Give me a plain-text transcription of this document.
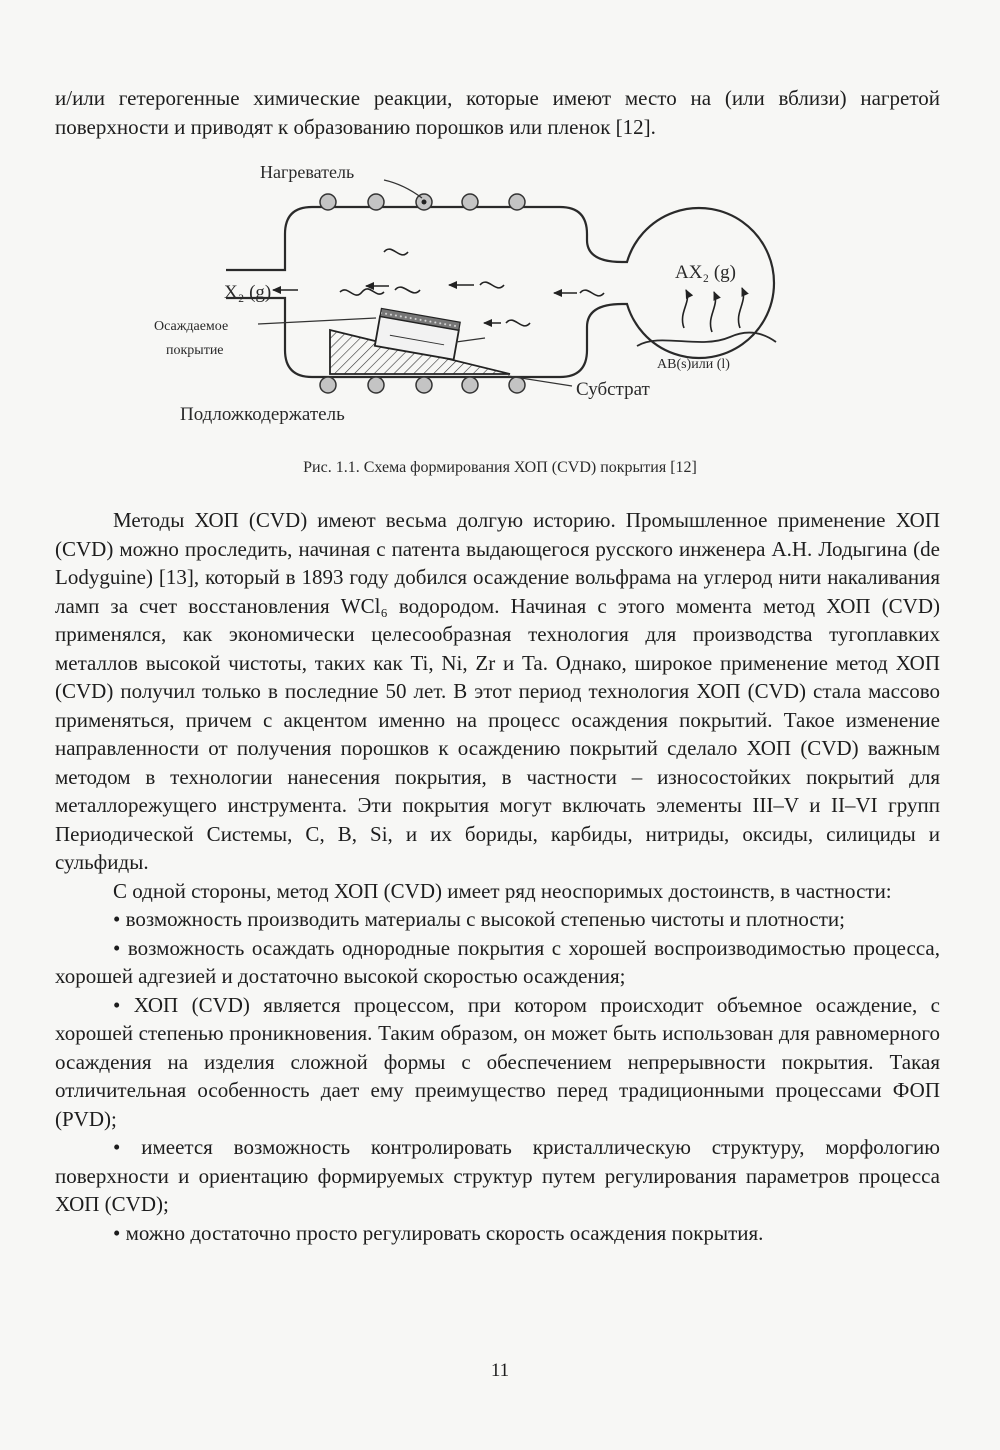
и/или гетерогенные химические реакции, которые имеют место на (или вблизи) нагретой поверхности и приводят к образованию порошков или пленок [12].

Нагреватель
X₂ (g)
AX₂ (g)
Осаждаемое
покрытие
AB(s)или (l)
Субстрат
Подложкодержатель
Рис. 1.1. Схема формирования ХОП (CVD) покрытия [12]

Методы ХОП (CVD) имеют весьма долгую историю. Промышленное применение ХОП (CVD) можно проследить, начиная с патента выдающегося русского инженера А.Н. Лодыгина (de Lodyguine) [13], который в 1893 году добился осаждение вольфрама на углерод нити накаливания ламп за счет восстановления WCl₆ водородом. Начиная с этого момента метод ХОП (CVD) применялся, как экономически целесообразная технология для производства тугоплавких металлов высокой чистоты, таких как Ti, Ni, Zr и Ta. Однако, широкое применение метод ХОП (CVD) получил только в последние 50 лет. В этот период технология ХОП (CVD) стала массово применяться, причем с акцентом именно на процесс осаждения покрытий. Такое изменение направленности от получения порошков к осаждению покрытий сделало ХОП (CVD) важным методом в технологии нанесения покрытия, в частности – износостойких покрытий для металлорежущего инструмента. Эти покрытия могут включать элементы III–V и II–VI групп Периодической Системы, C, B, Si, и их бориды, карбиды, нитриды, оксиды, силициды и сульфиды.

С одной стороны, метод ХОП (CVD) имеет ряд неоспоримых достоинств, в частности:

• возможность производить материалы с высокой степенью чистоты и плотности;

• возможность осаждать однородные покрытия с хорошей воспроизводимостью процесса, хорошей адгезией и достаточно высокой скоростью осаждения;

• ХОП (CVD) является процессом, при котором происходит объемное осаждение, с хорошей степенью проникновения. Таким образом, он может быть использован для равномерного осаждения на изделия сложной формы с обеспечением непрерывности покрытия. Такая отличительная особенность дает ему преимущество перед традиционными процессами ФОП (PVD);

• имеется возможность контролировать кристаллическую структуру, морфологию поверхности и ориентацию формируемых структур путем регулирования параметров процесса ХОП (CVD);

• можно достаточно просто регулировать скорость осаждения покрытия.

11
